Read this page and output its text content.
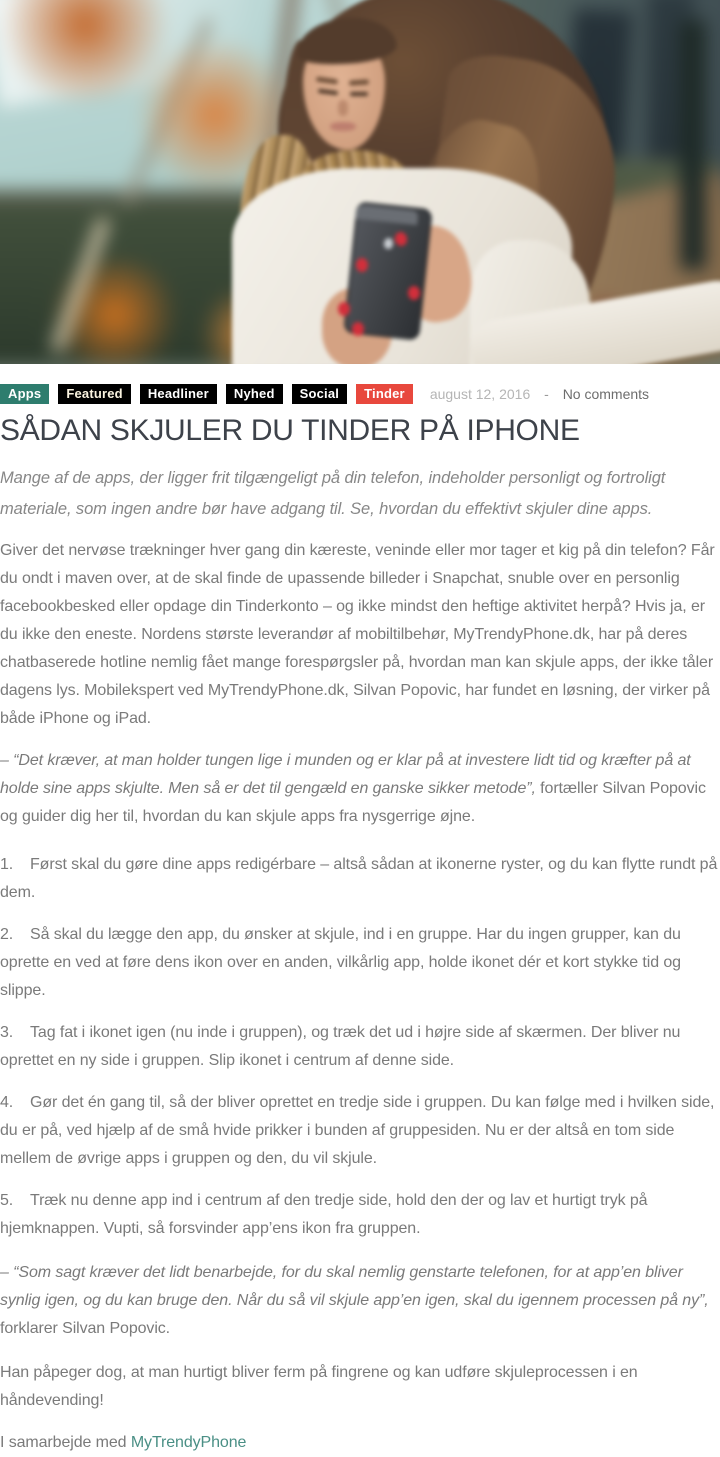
Apps	Featured	Headliner	Nyhed	Social	Tinder	august 12, 2016 - No comments
SÅDAN SKJULER DU TINDER PÅ IPHONE

Mange af de apps, der ligger frit tilgængeligt på din telefon, indeholder personligt og fortroligt materiale, som ingen andre bør have adgang til. Se, hvordan du effektivt skjuler dine apps.

Giver det nervøse trækninger hver gang din kæreste, veninde eller mor tager et kig på din telefon? Får du ondt i maven over, at de skal finde de upassende billeder i Snapchat, snuble over en personlig facebookbesked eller opdage din Tinderkonto – og ikke mindst den heftige aktivitet herpå? Hvis ja, er du ikke den eneste. Nordens største leverandør af mobiltilbehør, MyTrendyPhone.dk, har på deres chatbaserede hotline nemlig fået mange forespørgsler på, hvordan man kan skjule apps, der ikke tåler dagens lys. Mobilekspert ved MyTrendyPhone.dk, Silvan Popovic, har fundet en løsning, der virker på både iPhone og iPad.

– “Det kræver, at man holder tungen lige i munden og er klar på at investere lidt tid og kræfter på at holde sine apps skjulte. Men så er det til gengæld en ganske sikker metode”, fortæller Silvan Popovic og guider dig her til, hvordan du kan skjule apps fra nysgerrige øjne.

1. Først skal du gøre dine apps redigérbare – altså sådan at ikonerne ryster, og du kan flytte rundt på dem.

2. Så skal du lægge den app, du ønsker at skjule, ind i en gruppe. Har du ingen grupper, kan du oprette en ved at føre dens ikon over en anden, vilkårlig app, holde ikonet dér et kort stykke tid og slippe.

3. Tag fat i ikonet igen (nu inde i gruppen), og træk det ud i højre side af skærmen. Der bliver nu oprettet en ny side i gruppen. Slip ikonet i centrum af denne side.

4. Gør det én gang til, så der bliver oprettet en tredje side i gruppen. Du kan følge med i hvilken side, du er på, ved hjælp af de små hvide prikker i bunden af gruppesiden. Nu er der altså en tom side mellem de øvrige apps i gruppen og den, du vil skjule.

5. Træk nu denne app ind i centrum af den tredje side, hold den der og lav et hurtigt tryk på hjemknappen. Vupti, så forsvinder app’ens ikon fra gruppen.

– “Som sagt kræver det lidt benarbejde, for du skal nemlig genstarte telefonen, for at app’en bliver synlig igen, og du kan bruge den. Når du så vil skjule app’en igen, skal du igennem processen på ny”, forklarer Silvan Popovic.

Han påpeger dog, at man hurtigt bliver ferm på fingrene og kan udføre skjuleprocessen i en håndevending!

I samarbejde med MyTrendyPhone
